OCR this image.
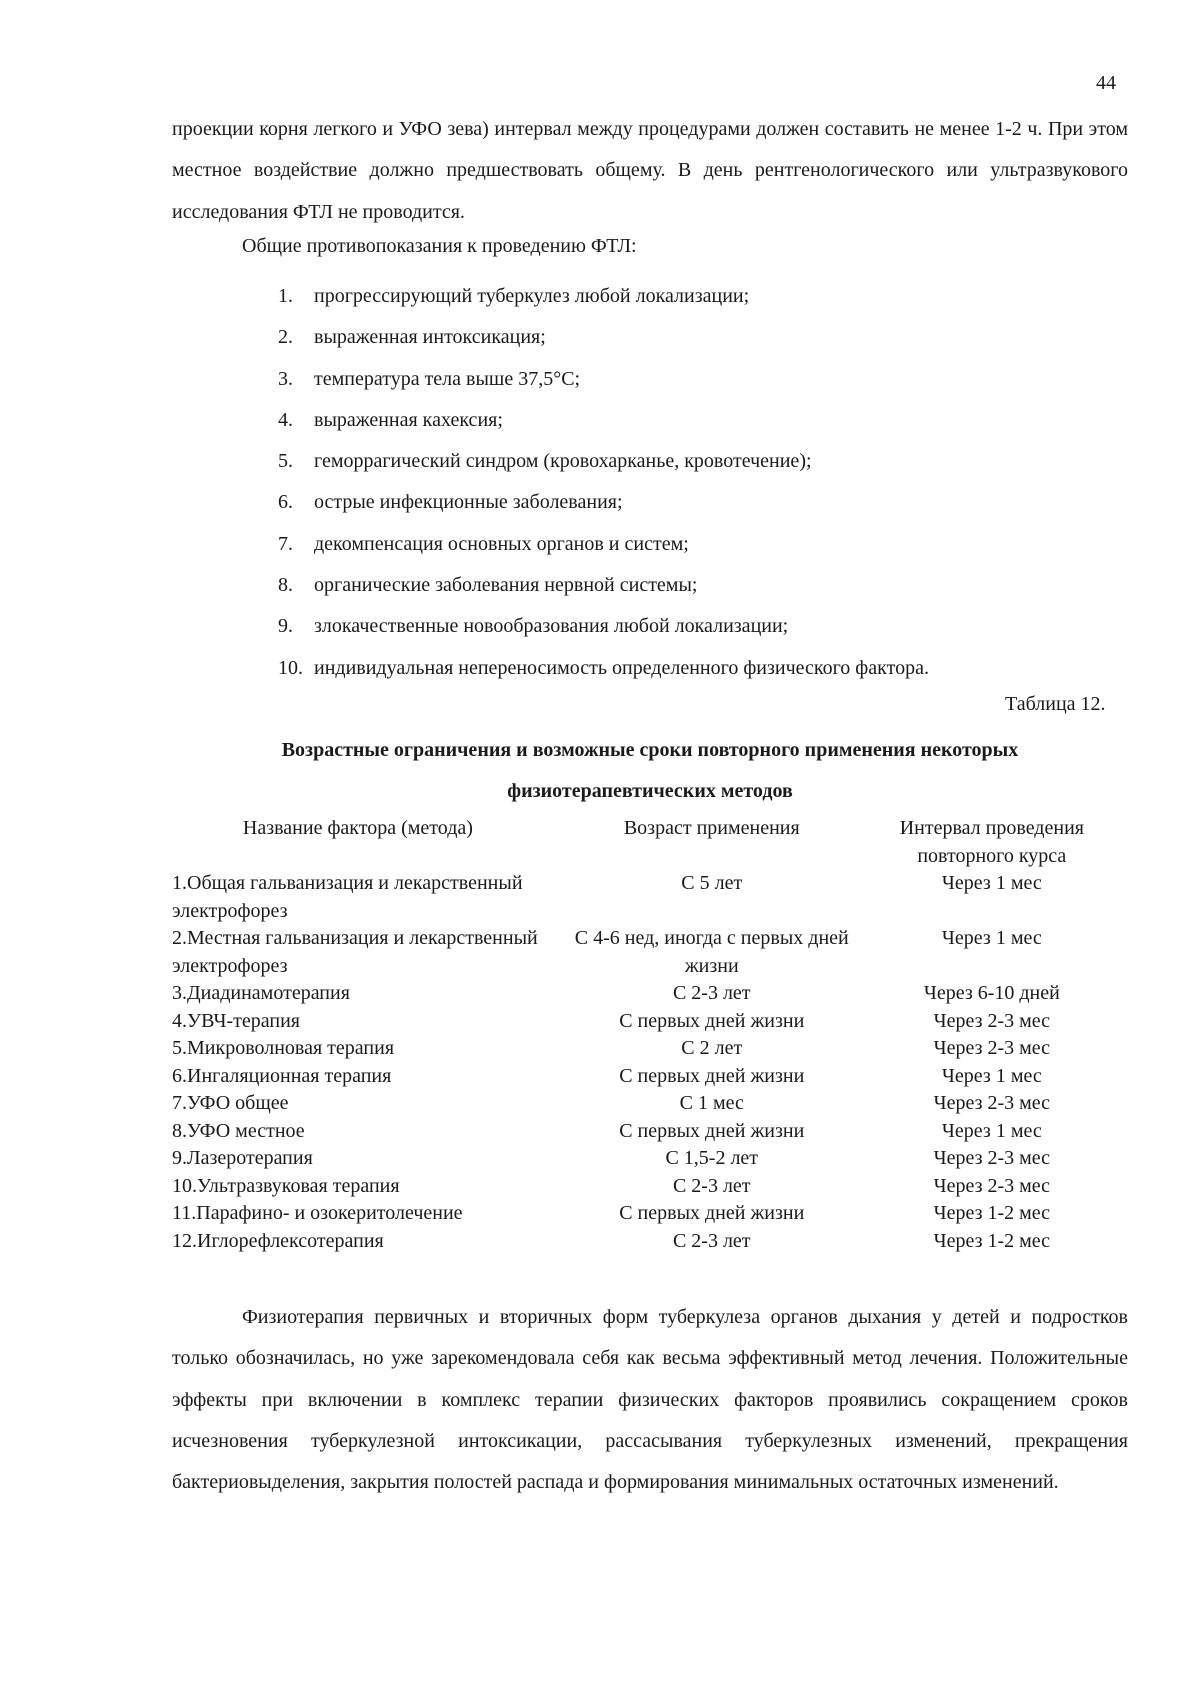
44

проекции корня легкого и УФО зева) интервал между процедурами должен составить не менее 1-2 ч. При этом местное воздействие должно предшествовать общему. В день рентгенологического или ультразвукового исследования ФТЛ не проводится.

Общие противопоказания к проведению ФТЛ:

1. прогрессирующий туберкулез любой локализации;
2. выраженная интоксикация;
3. температура тела выше 37,5°С;
4. выраженная кахексия;
5. геморрагический синдром (кровохарканье, кровотечение);
6. острые инфекционные заболевания;
7. декомпенсация основных органов и систем;
8. органические заболевания нервной системы;
9. злокачественные новообразования любой локализации;
10. индивидуальная непереносимость определенного физического фактора.
Таблица 12.
Возрастные ограничения и возможные сроки повторного применения некоторых
физиотерапевтических методов
Название фактора (метода)	Возраст применения	Интервал проведения повторного курса
1.Общая гальванизация и лекарственный электрофорез	С 5 лет	Через 1 мес
2.Местная гальванизация и лекарственный электрофорез	С 4-6 нед, иногда с первых дней жизни	Через 1 мес
3.Диадинамотерапия	С 2-3 лет	Через 6-10 дней
4.УВЧ-терапия	С первых дней жизни	Через 2-3 мес
5.Микроволновая терапия	С 2 лет	Через 2-3 мес
6.Ингаляционная терапия	С первых дней жизни	Через 1 мес
7.УФО общее	С 1 мес	Через 2-3 мес
8.УФО местное	С первых дней жизни	Через 1 мес
9.Лазеротерапия	С 1,5-2 лет	Через 2-3 мес
10.Ультразвуковая терапия	С 2-3 лет	Через 2-3 мес
11.Парафино- и озокеритолечение	С первых дней жизни	Через 1-2 мес
12.Иглорефлексотерапия	С 2-3 лет	Через 1-2 мес

Физиотерапия первичных и вторичных форм туберкулеза органов дыхания у детей и подростков только обозначилась, но уже зарекомендовала себя как весьма эффективный метод лечения. Положительные эффекты при включении в комплекс терапии физических факторов проявились сокращением сроков исчезновения туберкулезной интоксикации, рассасывания туберкулезных изменений, прекращения бактериовыделения, закрытия полостей распада и формирования минимальных остаточных изменений.
